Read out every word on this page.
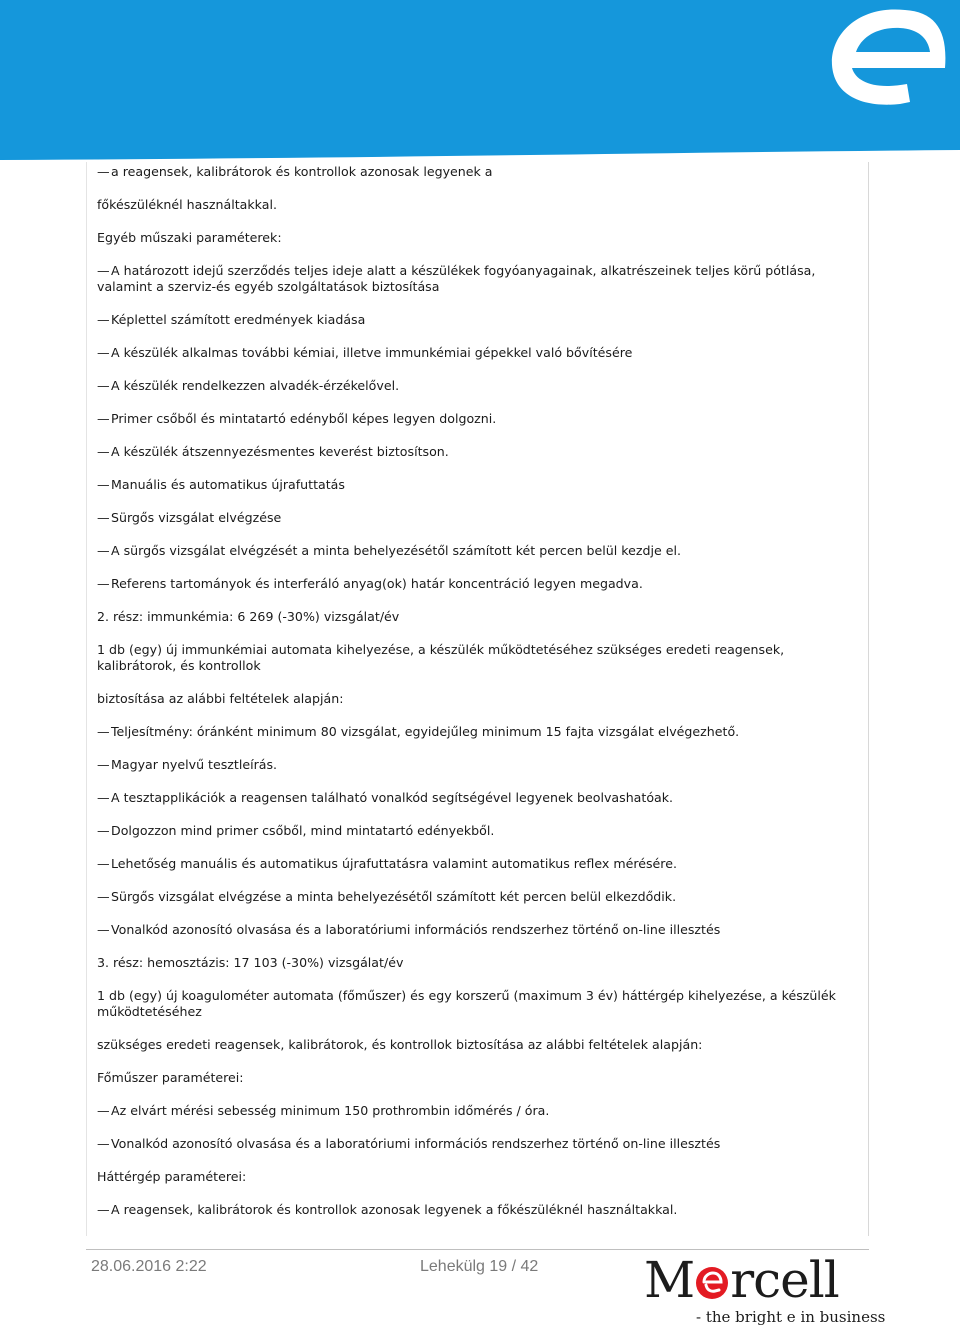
—a reagensek, kalibrátorok és kontrollok azonosak legyenek a
főkészüléknél használtakkal.
Egyéb műszaki paraméterek:
—A határozott idejű szerződés teljes ideje alatt a készülékek fogyóanyagainak, alkatrészeinek teljes körű pótlása, valamint a szerviz-és egyéb szolgáltatások biztosítása
—Képlettel számított eredmények kiadása
—A készülék alkalmas további kémiai, illetve immunkémiai gépekkel való bővítésére
—A készülék rendelkezzen alvadék-érzékelővel.
—Primer csőből és mintatartó edényből képes legyen dolgozni.
—A készülék átszennyezésmentes keverést biztosítson.
—Manuális és automatikus újrafuttatás
—Sürgős vizsgálat elvégzése
—A sürgős vizsgálat elvégzését a minta behelyezésétől számított két percen belül kezdje el.
—Referens tartományok és interferáló anyag(ok) határ koncentráció legyen megadva.
2. rész: immunkémia: 6 269 (-30%) vizsgálat/év
1 db (egy) új immunkémiai automata kihelyezése, a készülék működtetéséhez szükséges eredeti reagensek, kalibrátorok, és kontrollok
biztosítása az alábbi feltételek alapján:
—Teljesítmény: óránként minimum 80 vizsgálat, egyidejűleg minimum 15 fajta vizsgálat elvégezhető.
—Magyar nyelvű tesztleírás.
—A tesztapplikációk a reagensen található vonalkód segítségével legyenek beolvashatóak.
—Dolgozzon mind primer csőből, mind mintatartó edényekből.
—Lehetőség manuális és automatikus újrafuttatásra valamint automatikus reflex mérésére.
—Sürgős vizsgálat elvégzése a minta behelyezésétől számított két percen belül elkezdődik.
—Vonalkód azonosító olvasása és a laboratóriumi információs rendszerhez történő on-line illesztés
3. rész: hemosztázis: 17 103 (-30%) vizsgálat/év
1 db (egy) új koagulométer automata (főműszer) és egy korszerű (maximum 3 év) háttérgép kihelyezése, a készülék működtetéséhez
szükséges eredeti reagensek, kalibrátorok, és kontrollok biztosítása az alábbi feltételek alapján:
Főműszer paraméterei:
—Az elvárt mérési sebesség minimum 150 prothrombin időmérés / óra.
—Vonalkód azonosító olvasása és a laboratóriumi információs rendszerhez történő on-line illesztés
Háttérgép paraméterei:
—A reagensek, kalibrátorok és kontrollok azonosak legyenek a főkészüléknél használtakkal.
28.06.2016 2:22	Lehekülg 19 / 42 M rcell
- the bright e in business
